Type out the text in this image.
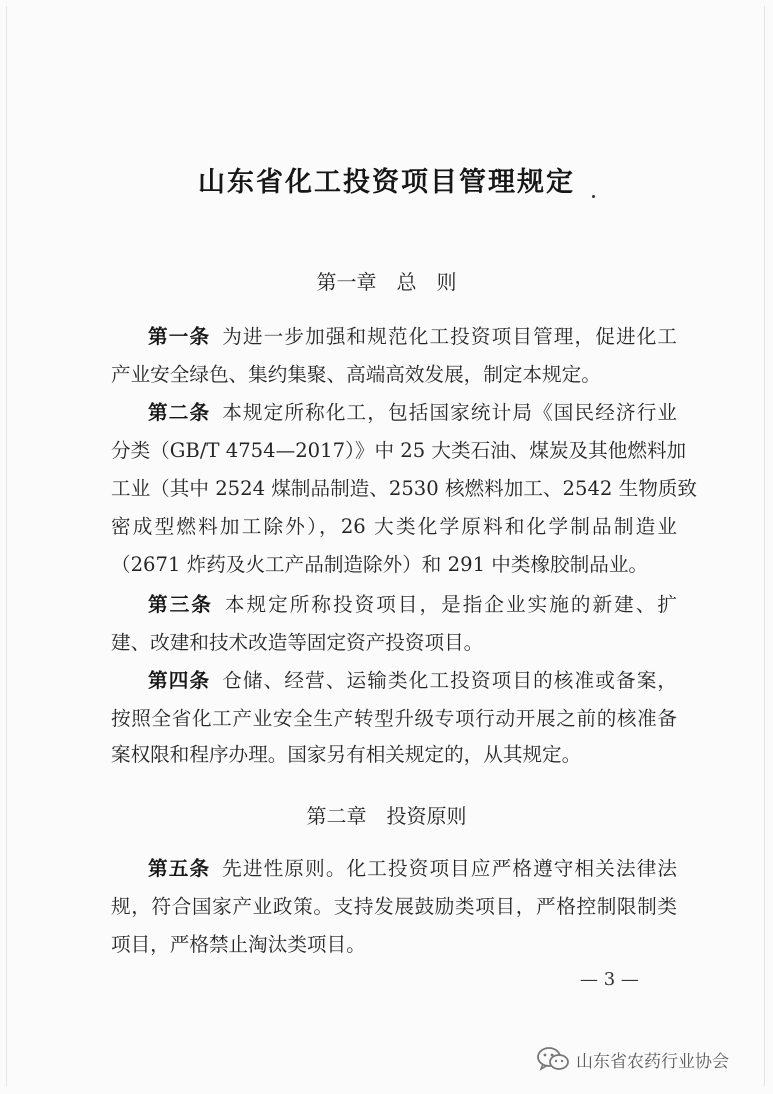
山东省化工投资项目管理规定
第一章　总　则
第一条 为进一步加强和规范化工投资项目管理，促进化工
产业安全绿色、集约集聚、高端高效发展，制定本规定。
第二条 本规定所称化工，包括国家统计局《国民经济行业
分类（GB/T 4754—2017）》中 25 大类石油、煤炭及其他燃料加
工业（其中 2524 煤制品制造、2530 核燃料加工、2542 生物质致
密成型燃料加工除外），26 大类化学原料和化学制品制造业
（2671 炸药及火工产品制造除外）和 291 中类橡胶制品业。
第三条 本规定所称投资项目，是指企业实施的新建、扩
建、改建和技术改造等固定资产投资项目。
第四条 仓储、经营、运输类化工投资项目的核准或备案，
按照全省化工产业安全生产转型升级专项行动开展之前的核准备
案权限和程序办理。国家另有相关规定的，从其规定。
第二章　投资原则
第五条 先进性原则。化工投资项目应严格遵守相关法律法
规，符合国家产业政策。支持发展鼓励类项目，严格控制限制类
项目，严格禁止淘汰类项目。
— 3 —
山东省农药行业协会
